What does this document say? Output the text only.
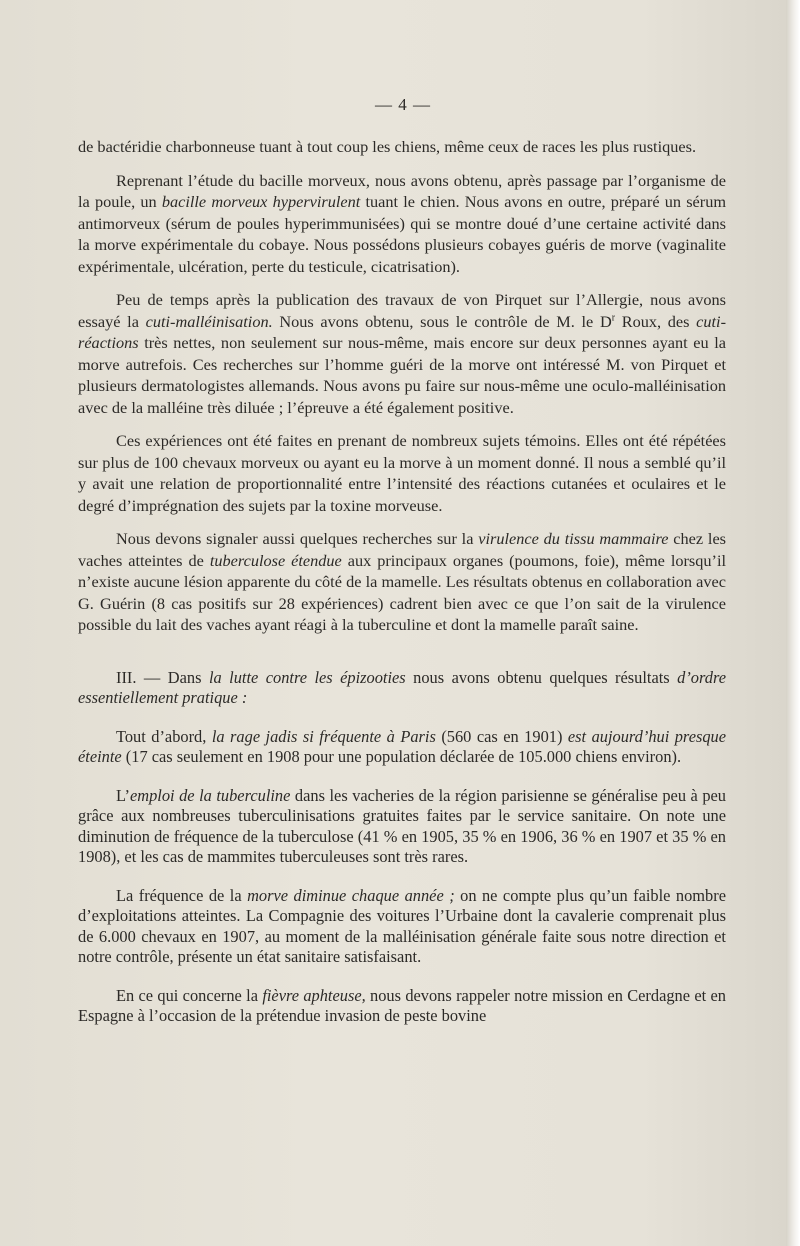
— 4 —

de bactéridie charbonneuse tuant à tout coup les chiens, même ceux de races les plus rustiques.

Reprenant l’étude du bacille morveux, nous avons obtenu, après passage par l’organisme de la poule, un bacille morveux hypervirulent tuant le chien. Nous avons en outre, préparé un sérum antimorveux (sérum de poules hyperimmunisées) qui se montre doué d’une certaine activité dans la morve expérimentale du cobaye. Nous possédons plusieurs cobayes guéris de morve (vaginalite expérimentale, ulcération, perte du testicule, cicatrisation).

Peu de temps après la publication des travaux de von Pirquet sur l’Allergie, nous avons essayé la cuti-malléinisation. Nous avons obtenu, sous le contrôle de M. le $D^r$ Roux, des cuti-réactions très nettes, non seulement sur nous-même, mais encore sur deux personnes ayant eu la morve autrefois. Ces recherches sur l’homme guéri de la morve ont intéressé M. von Pirquet et plusieurs dermatologistes allemands. Nous avons pu faire sur nous-même une oculo-malléinisation avec de la malléine très diluée ; l’épreuve a été également positive.

Ces expériences ont été faites en prenant de nombreux sujets témoins. Elles ont été répétées sur plus de 100 chevaux morveux ou ayant eu la morve à un moment donné. Il nous a semblé qu’il y avait une relation de proportionnalité entre l’intensité des réactions cutanées et oculaires et le degré d’imprégnation des sujets par la toxine morveuse.

Nous devons signaler aussi quelques recherches sur la virulence du tissu mammaire chez les vaches atteintes de tuberculose étendue aux principaux organes (poumons, foie), même lorsqu’il n’existe aucune lésion apparente du côté de la mamelle. Les résultats obtenus en collaboration avec G. Guérin (8 cas positifs sur 28 expériences) cadrent bien avec ce que l’on sait de la virulence possible du lait des vaches ayant réagi à la tuberculine et dont la mamelle paraît saine.

III. — Dans la lutte contre les épizooties nous avons obtenu quelques résultats d’ordre essentiellement pratique :

Tout d’abord, la rage jadis si fréquente à Paris (560 cas en 1901) est aujourd’hui presque éteinte (17 cas seulement en 1908 pour une population déclarée de 105.000 chiens environ).

L’emploi de la tuberculine dans les vacheries de la région parisienne se généralise peu à peu grâce aux nombreuses tuberculinisations gratuites faites par le service sanitaire. On note une diminution de fréquence de la tuberculose (41 % en 1905, 35 % en 1906, 36 % en 1907 et 35 % en 1908), et les cas de mammites tuberculeuses sont très rares.

La fréquence de la morve diminue chaque année ; on ne compte plus qu’un faible nombre d’exploitations atteintes. La Compagnie des voitures l’Urbaine dont la cavalerie comprenait plus de 6.000 chevaux en 1907, au moment de la malléinisation générale faite sous notre direction et notre contrôle, présente un état sanitaire satisfaisant.

En ce qui concerne la fièvre aphteuse, nous devons rappeler notre mission en Cerdagne et en Espagne à l’occasion de la prétendue invasion de peste bovine
